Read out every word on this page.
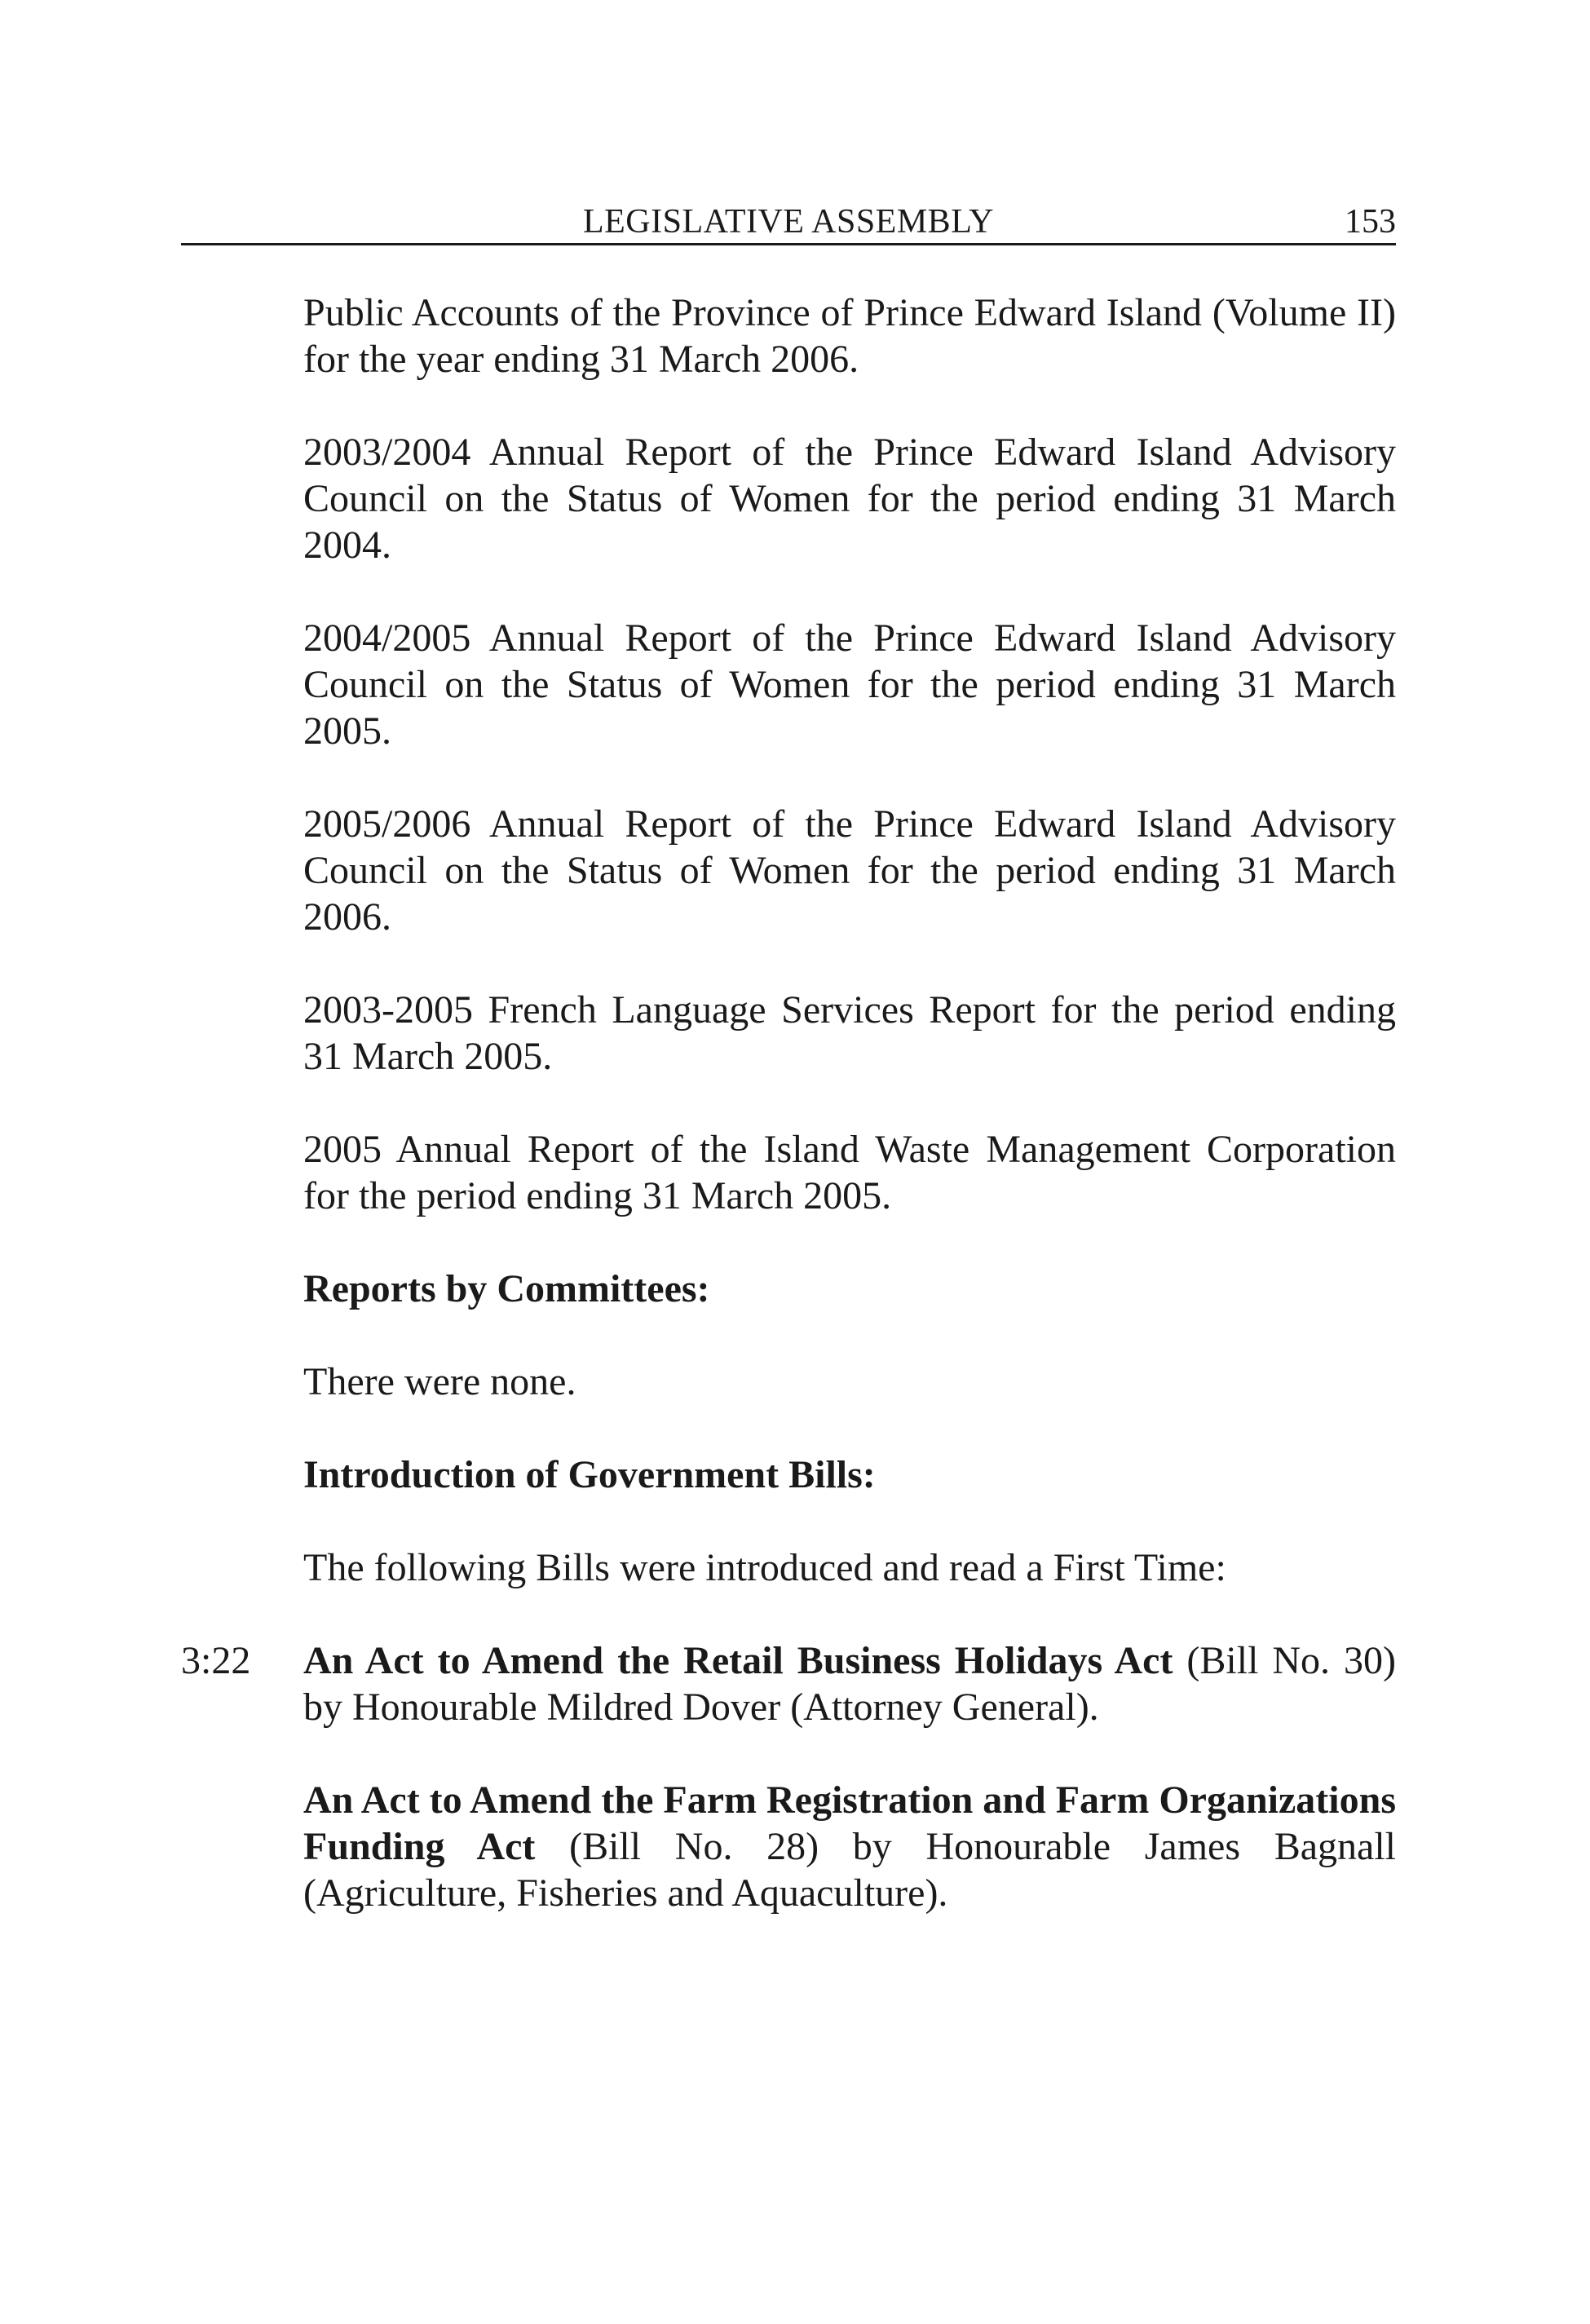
LEGISLATIVE ASSEMBLY	153

Public Accounts of the Province of Prince Edward Island (Volume II) for the year ending 31 March 2006.

2003/2004 Annual Report of the Prince Edward Island Advisory Council on the Status of Women for the period ending 31 March 2004.

2004/2005 Annual Report of the Prince Edward Island Advisory Council on the Status of Women for the period ending 31 March 2005.

2005/2006 Annual Report of the Prince Edward Island Advisory Council on the Status of Women for the period ending 31 March 2006.

2003-2005 French Language Services Report for the period ending 31 March 2005.

2005 Annual Report of the Island Waste Management Corporation for the period ending 31 March 2005.

Reports by Committees:

There were none.

Introduction of Government Bills:

The following Bills were introduced and read a First Time:

3:22	An Act to Amend the Retail Business Holidays Act (Bill No. 30) by Honourable Mildred Dover (Attorney General).

An Act to Amend the Farm Registration and Farm Organizations Funding Act (Bill No. 28) by Honourable James Bagnall (Agriculture, Fisheries and Aquaculture).
